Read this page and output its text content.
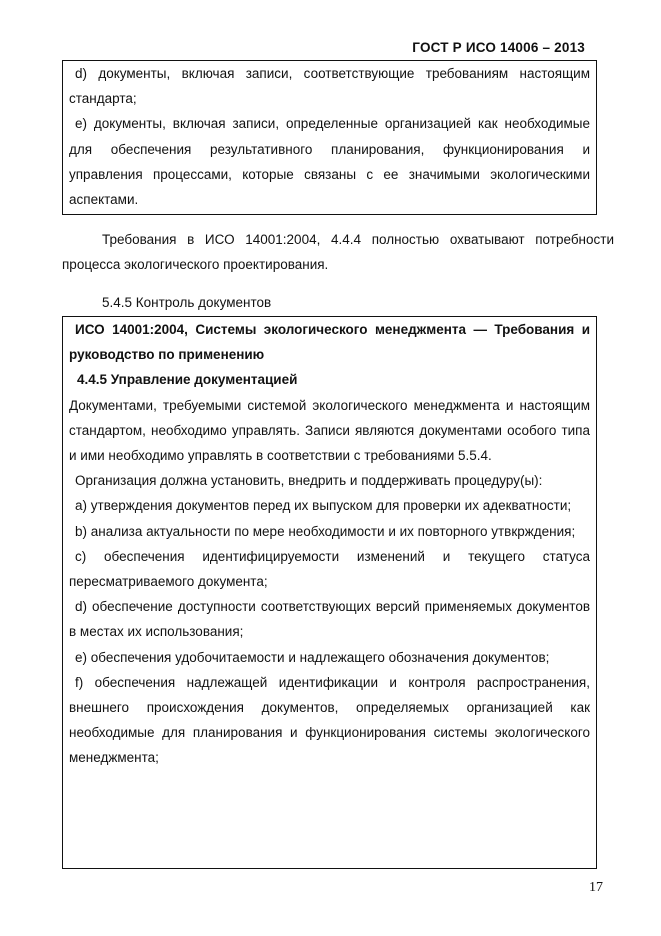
ГОСТ Р ИСО 14006 – 2013

d) документы, включая записи, соответствующие требованиям настоящим стандарта;

е) документы, включая записи, определенные организацией как необходимые для обеспечения результативного планирования, функционирования и управления процессами, которые связаны с ее значимыми экологическими аспектами.

Требования в ИСО 14001:2004, 4.4.4 полностью охватывают потребности процесса экологического проектирования.

5.4.5 Контроль документов

ИСО 14001:2004, Системы экологического менеджмента — Требования и руководство по применению

4.4.5 Управление документацией

Документами, требуемыми системой экологического менеджмента и настоящим стандартом, необходимо управлять. Записи являются документами особого типа и ими необходимо управлять в соответствии с требованиями 5.5.4.

Организация должна установить, внедрить и поддерживать процедуру(ы):

а) утверждения документов перед их выпуском для проверки их адекватности;

b) анализа актуальности по мере необходимости и их повторного утвкрждения;

с) обеспечения идентифицируемости изменений и текущего статуса пересматриваемого документа;

d) обеспечение доступности соответствующих версий применяемых документов в местах их использования;

е) обеспечения удобочитаемости и надлежащего обозначения документов;

f) обеспечения надлежащей идентификации и контроля распространения, внешнего происхождения документов, определяемых организацией как необходимые для планирования и функционирования системы экологического менеджмента;

17
